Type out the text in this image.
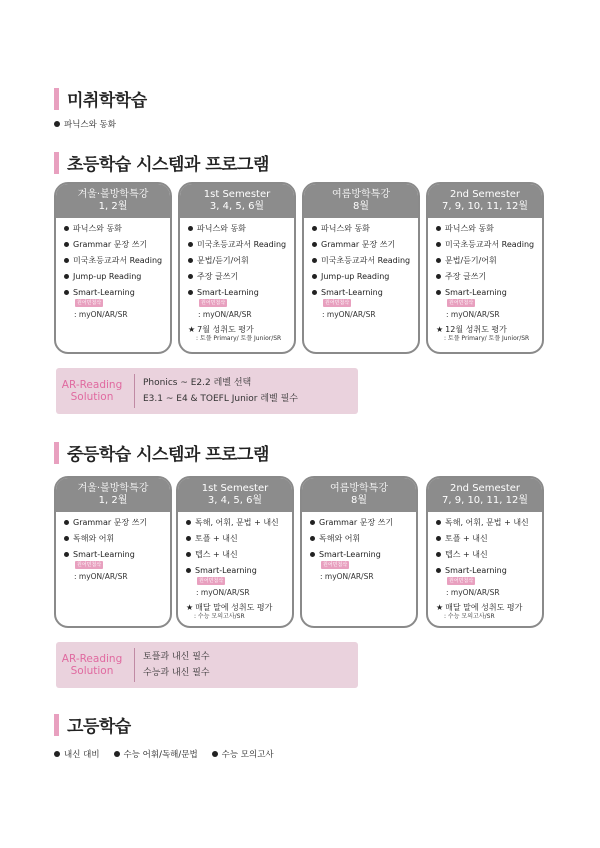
미취학학습
파닉스와 동화
초등학습 시스템과 프로그램
겨울·볼방학특강
1, 2월
파닉스와 동화
Grammar 문장 쓰기
미국초등교과서 Reading
Jump-up Reading
Smart-Learning원어민첨삭
: myON/AR/SR
1st Semester
3, 4, 5, 6월
파닉스와 동화
미국초등교과서 Reading
문법/듣기/어휘
주장 글쓰기
Smart-Learning원어민첨삭
: myON/AR/SR
★ 7월 성취도 평가
: 토플 Primary/ 토플 Junior/SR
여름방학특강
8월
파닉스와 동화
Grammar 문장 쓰기
미국초등교과서 Reading
Jump-up Reading
Smart-Learning원어민첨삭
: myON/AR/SR
2nd Semester
7, 9, 10, 11, 12월
파닉스와 동화
미국초등교과서 Reading
문법/듣기/어휘
주장 글쓰기
Smart-Learning원어민첨삭
: myON/AR/SR
★ 12월 성취도 평가
: 토플 Primary/ 토플 Junior/SR
AR-Reading
Solution
Phonics ~ E2.2 레벨 선택
E3.1 ~ E4 & TOEFL Junior 레벨 필수
중등학습 시스템과 프로그램
겨울·볼방학특강
1, 2월
Grammar 문장 쓰기
독해와 어휘
Smart-Learning원어민첨삭
: myON/AR/SR
1st Semester
3, 4, 5, 6월
독해, 어휘, 문법 + 내신
토플 + 내신
텝스 + 내신
Smart-Learning원어민첨삭
: myON/AR/SR
★ 매달 말에 성취도 평가
: 수능 모의고사/SR
여름방학특강
8월
Grammar 문장 쓰기
독해와 어휘
Smart-Learning원어민첨삭
: myON/AR/SR
2nd Semester
7, 9, 10, 11, 12월
독해, 어휘, 문법 + 내신
토플 + 내신
텝스 + 내신
Smart-Learning원어민첨삭
: myON/AR/SR
★ 매달 말에 성취도 평가
: 수능 모의고사/SR
AR-Reading
Solution
토플과 내신 필수
수능과 내신 필수
고등학습
내신 대비	수능 어휘/독해/문법	수능 모의고사
